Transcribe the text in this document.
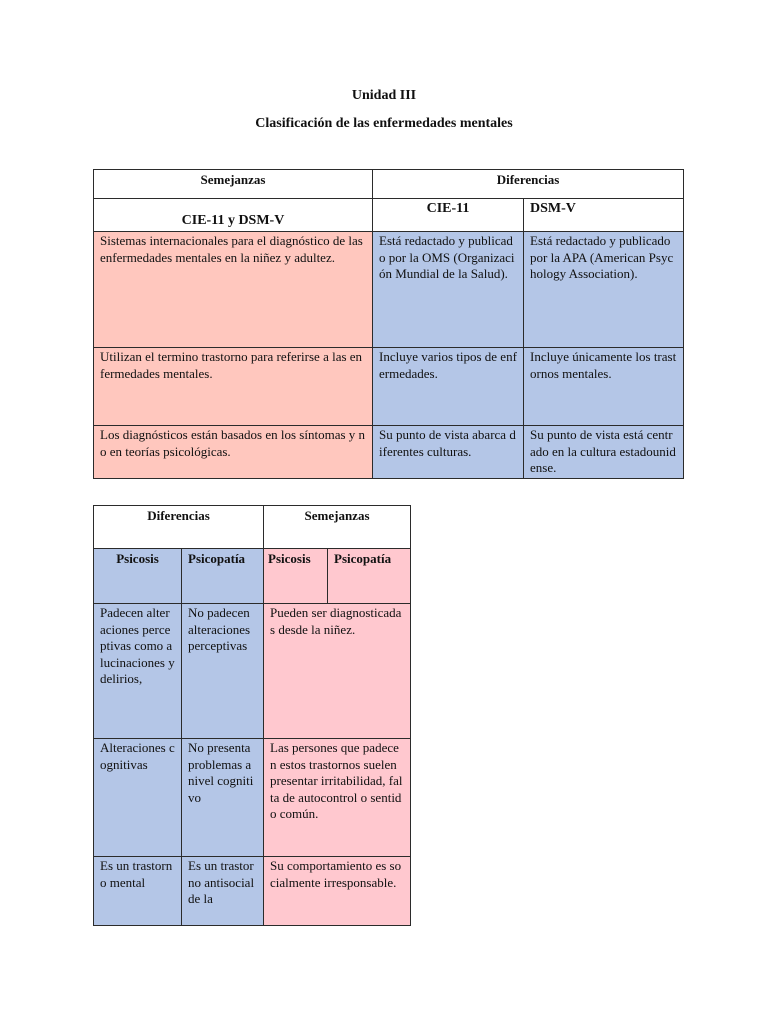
Unidad III
Clasificación de las enfermedades mentales
Semejanzas	Diferencias	
CIE-11 y DSM-V	CIE-11	DSM-V
Sistemas internacionales para el diagnóstico de las enfermedades mentales en la niñez y adultez.	Está redactado y publicado por la OMS (Organización Mundial de la Salud).	Está redactado y publicado por la APA (American Psychology Association).
Utilizan el termino trastorno para referirse a las enfermedades mentales.	Incluye varios tipos de enfermedades.	Incluye únicamente los trastornos mentales.
Los diagnósticos están basados en los síntomas y no en teorías psicológicas.	Su punto de vista abarca diferentes culturas.	Su punto de vista está centrado en la cultura estadounidense.
Diferencias		Semejanzas	
Psicosis	Psicopatía	Psicosis	Psicopatía
Padecen alteraciones perceptivas como alucinaciones y delirios,	No padecen alteraciones perceptivas	Pueden ser diagnosticadas desde la niñez.	
Alteraciones cognitivas	No presenta problemas a nivel cognitivo	Las persones que padecen estos trastornos suelen presentar irritabilidad, falta de autocontrol o sentido común.	
Es un trastorno mental	Es un trastorno antisocial de la	Su comportamiento es socialmente irresponsable.	
